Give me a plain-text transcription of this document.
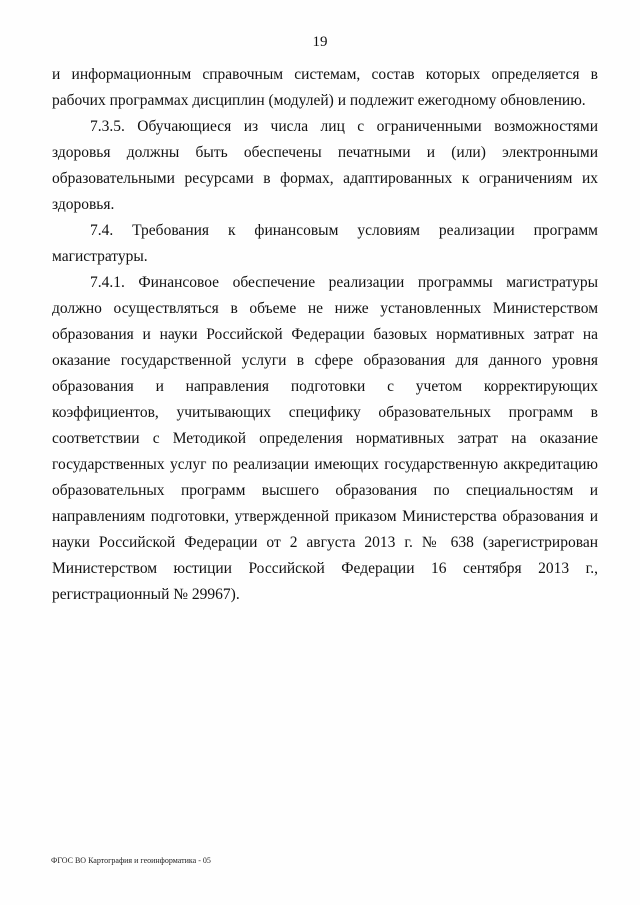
19

и информационным справочным системам, состав которых определяется в рабочих программах дисциплин (модулей) и подлежит ежегодному обновлению.

7.3.5. Обучающиеся из числа лиц с ограниченными возможностями здоровья должны быть обеспечены печатными и (или) электронными образовательными ресурсами в формах, адаптированных к ограничениям их здоровья.

7.4. Требования к финансовым условиям реализации программ магистратуры.

7.4.1. Финансовое обеспечение реализации программы магистратуры должно осуществляться в объеме не ниже установленных Министерством образования и науки Российской Федерации базовых нормативных затрат на оказание государственной услуги в сфере образования для данного уровня образования и направления подготовки с учетом корректирующих коэффициентов, учитывающих специфику образовательных программ в соответствии с Методикой определения нормативных затрат на оказание государственных услуг по реализации имеющих государственную аккредитацию образовательных программ высшего образования по специальностям и направлениям подготовки, утвержденной приказом Министерства образования и науки Российской Федерации от 2 августа 2013 г. № 638 (зарегистрирован Министерством юстиции Российской Федерации 16 сентября 2013 г., регистрационный № 29967).

ФГОС ВО Картография и геоинформатика - 05
